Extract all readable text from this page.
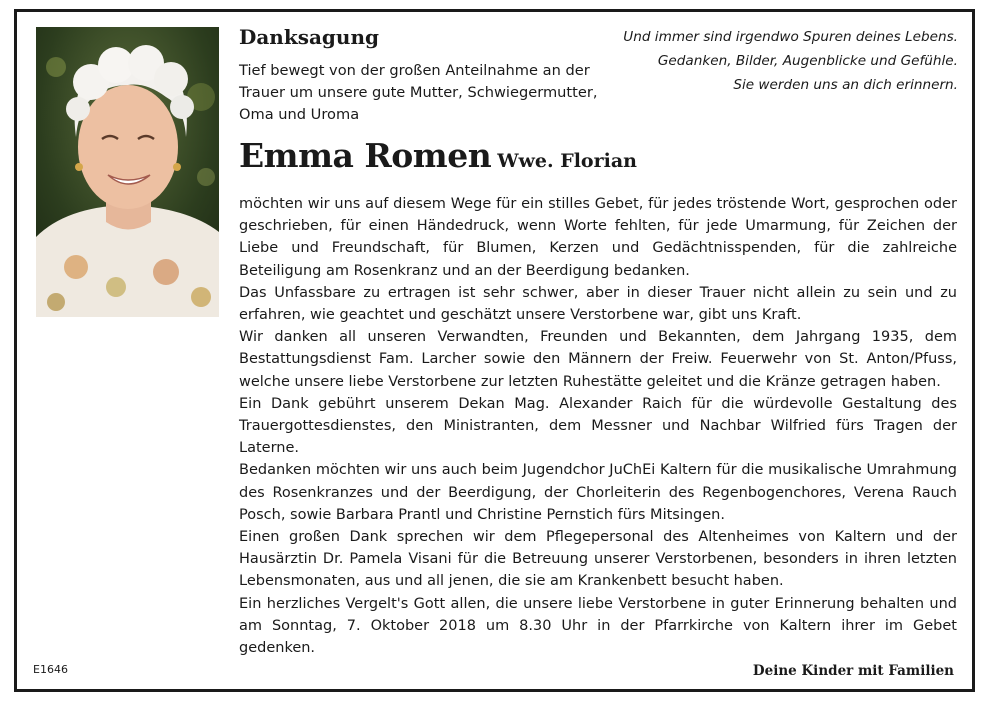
Danksagung

Tief bewegt von der großen Anteilnahme an der Trauer um unsere gute Mutter, Schwiegermutter, Oma und Uroma

Und immer sind irgendwo Spuren deines Lebens.
Gedanken, Bilder, Augenblicke und Gefühle.
Sie werden uns an dich erinnern.
Emma Romen Wwe. Florian

möchten wir uns auf diesem Wege für ein stilles Gebet, für jedes tröstende Wort, gesprochen oder geschrieben, für einen Händedruck, wenn Worte fehlten, für jede Umarmung, für Zeichen der Liebe und Freundschaft, für Blumen, Kerzen und Gedächtnisspenden, für die zahlreiche Beteiligung am Rosenkranz und an der Beerdigung bedanken.

Das Unfassbare zu ertragen ist sehr schwer, aber in dieser Trauer nicht allein zu sein und zu erfahren, wie geachtet und geschätzt unsere Verstorbene war, gibt uns Kraft.

Wir danken all unseren Verwandten, Freunden und Bekannten, dem Jahrgang 1935, dem Bestattungsdienst Fam. Larcher sowie den Männern der Freiw. Feuerwehr von St. Anton/Pfuss, welche unsere liebe Verstorbene zur letzten Ruhestätte geleitet und die Kränze getragen haben.

Ein Dank gebührt unserem Dekan Mag. Alexander Raich für die würdevolle Gestaltung des Trauergottesdienstes, den Ministranten, dem Messner und Nachbar Wilfried fürs Tragen der Laterne.

Bedanken möchten wir uns auch beim Jugendchor JuChEi Kaltern für die musikalische Umrahmung des Rosenkranzes und der Beerdigung, der Chorleiterin des Regenbogenchores, Verena Rauch Posch, sowie Barbara Prantl und Christine Pernstich fürs Mitsingen.

Einen großen Dank sprechen wir dem Pflegepersonal des Altenheimes von Kaltern und der Hausärztin Dr. Pamela Visani für die Betreuung unserer Verstorbenen, besonders in ihren letzten Lebensmonaten, aus und all jenen, die sie am Krankenbett besucht haben.

Ein herzliches Vergelt's Gott allen, die unsere liebe Verstorbene in guter Erinnerung behalten und am Sonntag, 7. Oktober 2018 um 8.30 Uhr in der Pfarrkirche von Kaltern ihrer im Gebet gedenken.

E1646	Deine Kinder mit Familien
